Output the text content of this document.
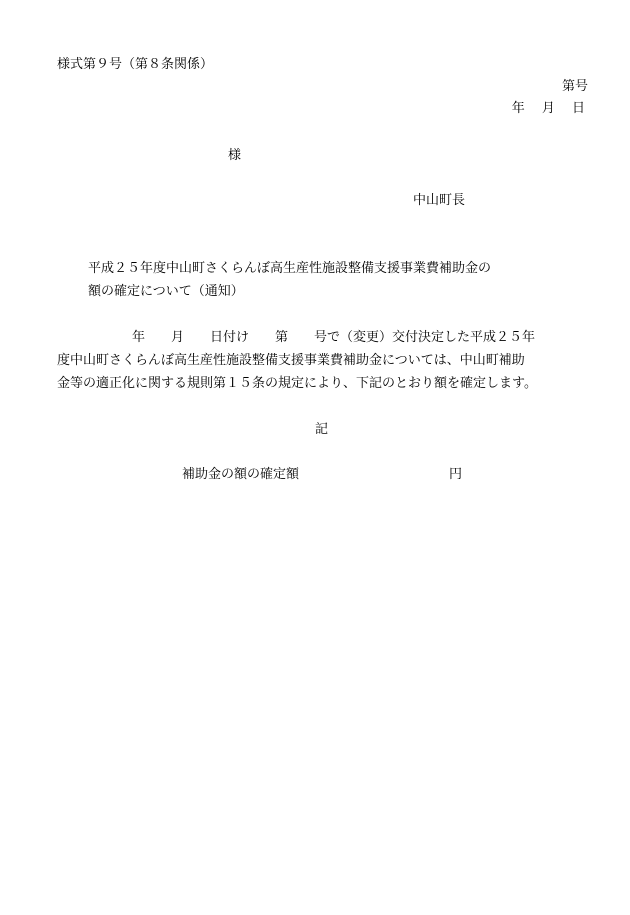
様式第９号（第８条関係）
第号
年　 月　 日
様
中山町長
平成２５年度中山町さくらんぼ高生産性施設整備支援事業費補助金の
額の確定について（通知）
年　　月　　日付け　　第　　号で（変更）交付決定した平成２５年
度中山町さくらんぼ高生産性施設整備支援事業費補助金については、中山町補助
金等の適正化に関する規則第１５条の規定により、下記のとおり額を確定します。
記
補助金の額の確定額	円
